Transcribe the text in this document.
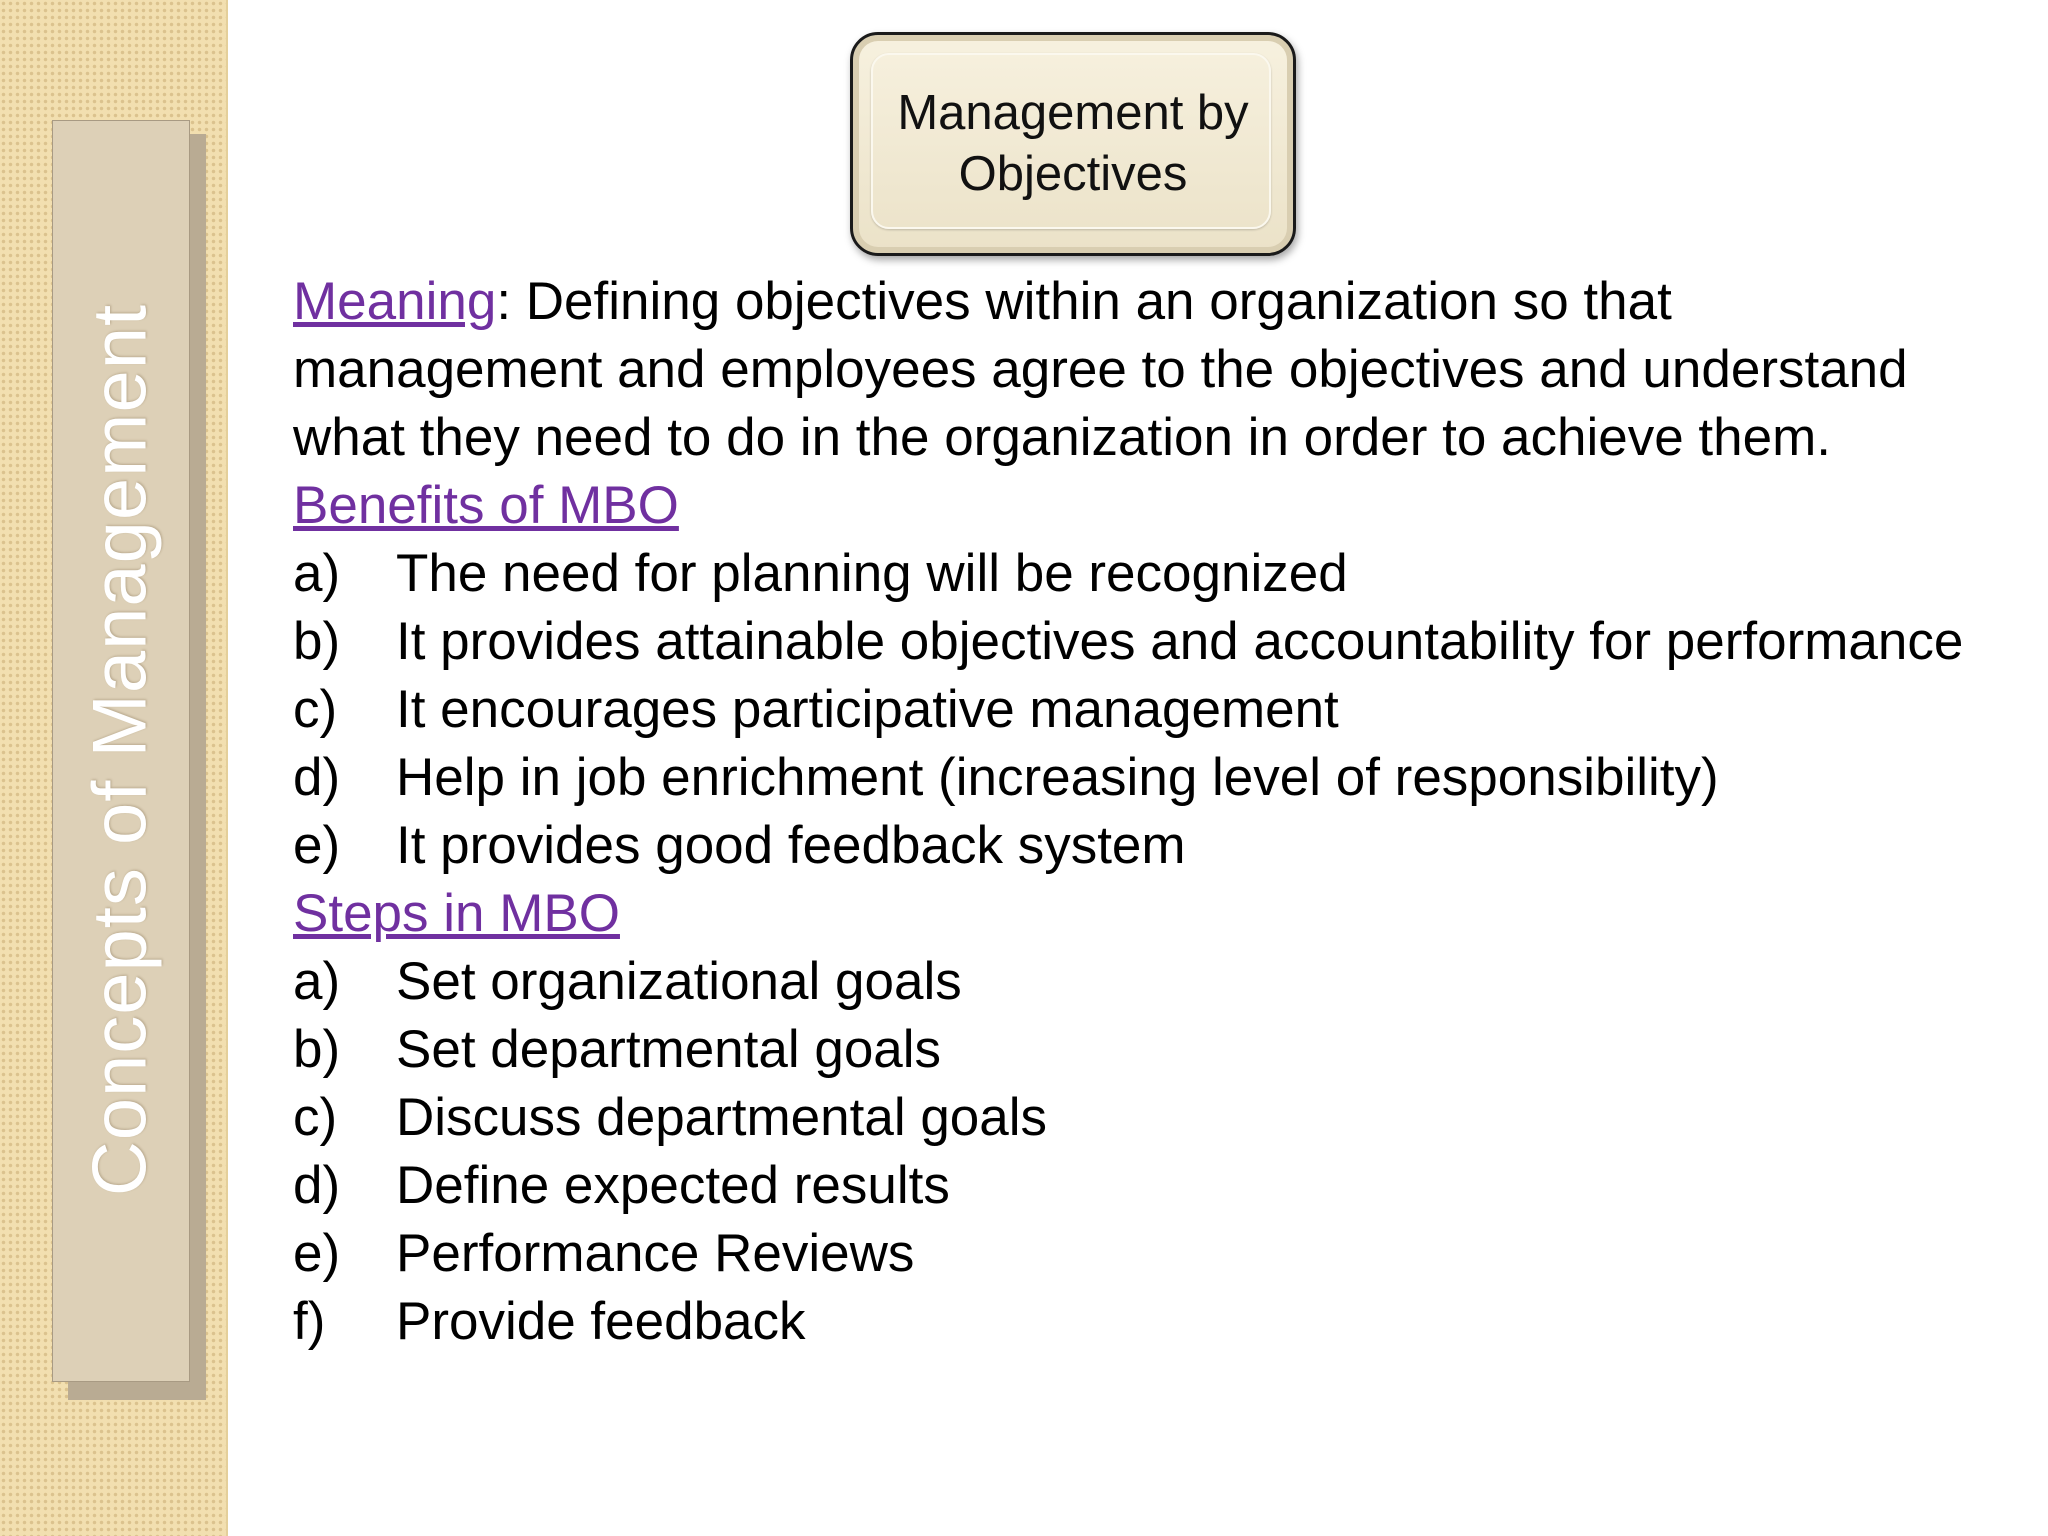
Concepts of Management
Management by
Objectives

Meaning: Defining objectives within an organization so that management and employees agree to the objectives and understand what they need to do in the organization in order to achieve them.

Benefits of MBO

a)	The need for planning will be recognized
b)	It provides attainable objectives and accountability for performance
c)	It encourages participative management
d)	Help in job enrichment (increasing level of responsibility)
e)	It provides good feedback system

Steps in MBO

a)	Set organizational goals
b)	Set departmental goals
c)	Discuss departmental goals
d)	Define expected results
e)	Performance Reviews
f)	Provide feedback
